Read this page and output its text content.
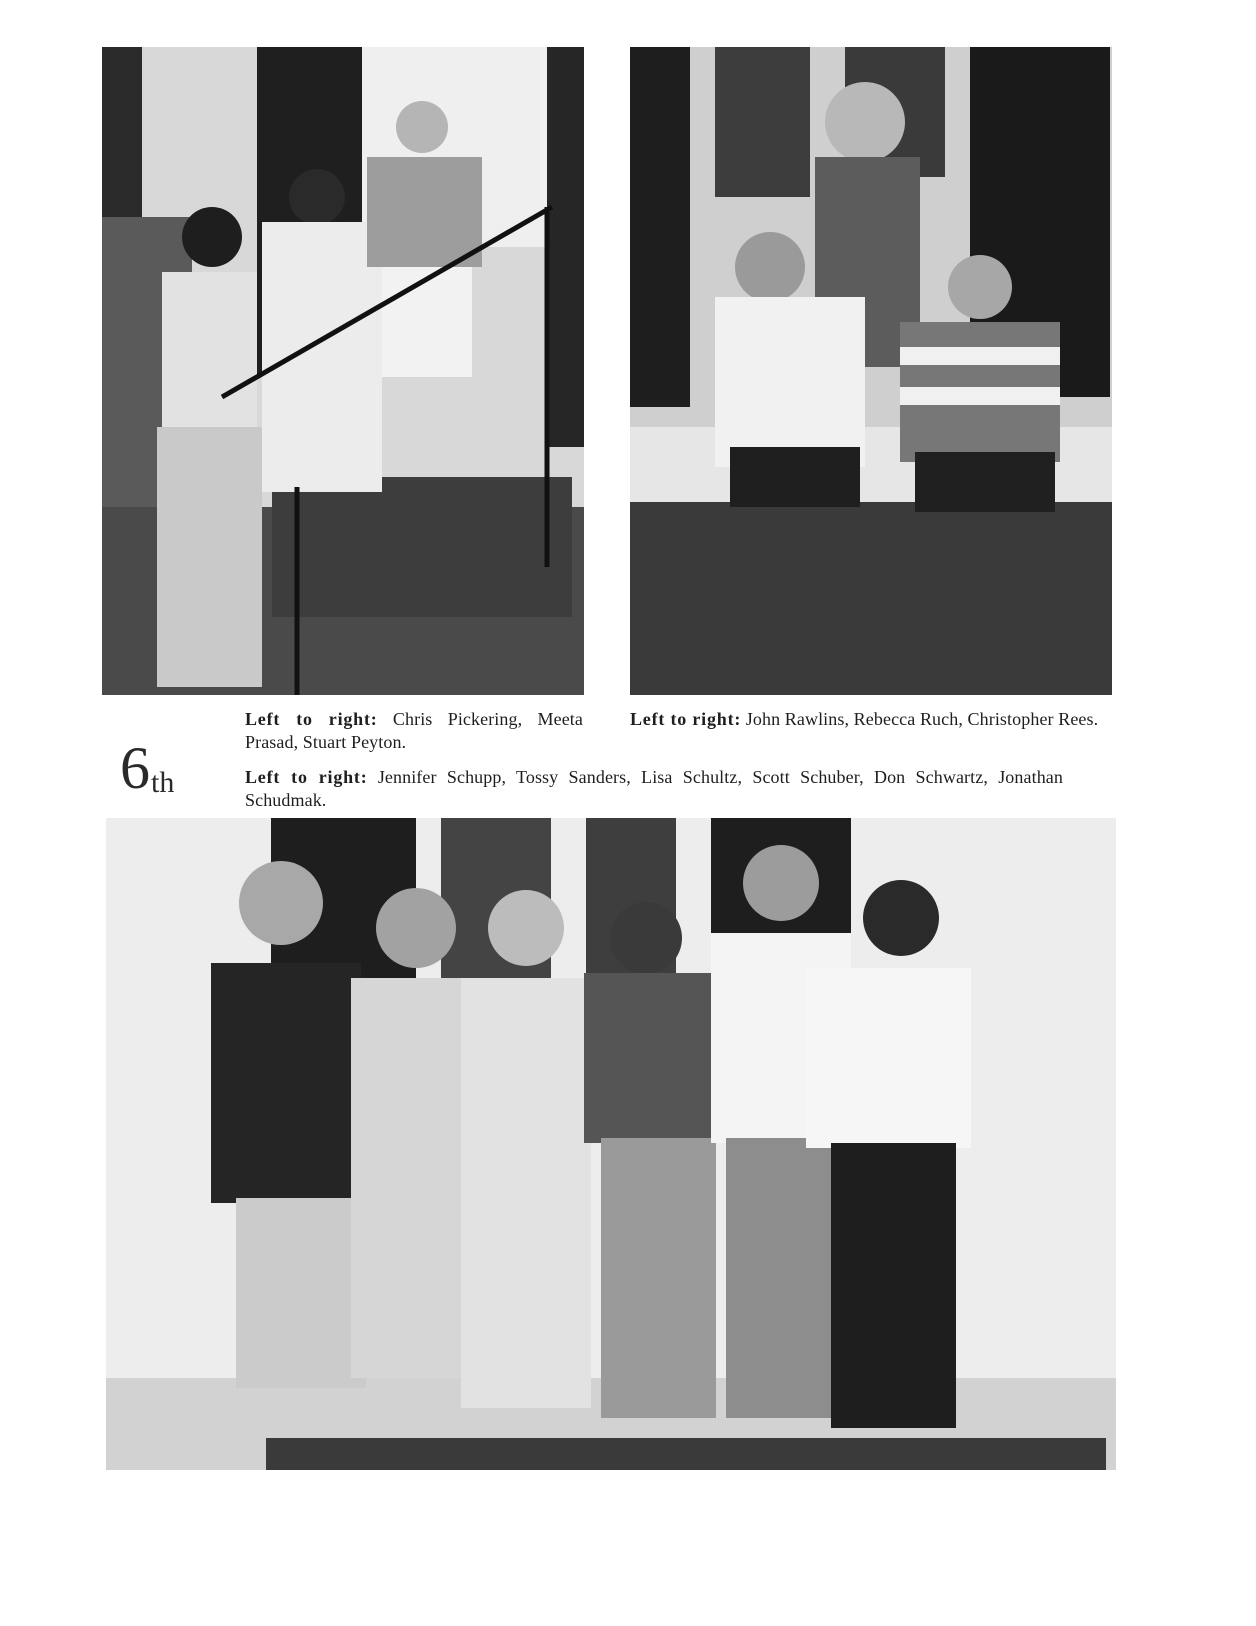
Left to right: Chris Pickering, Meeta Prasad, Stuart Peyton.
Left to right: John Rawlins, Rebecca Ruch, Christopher Rees.
Left to right: Jennifer Schupp, Tossy Sanders, Lisa Schultz, Scott Schuber, Don Schwartz, Jonathan Schudmak.
6th
